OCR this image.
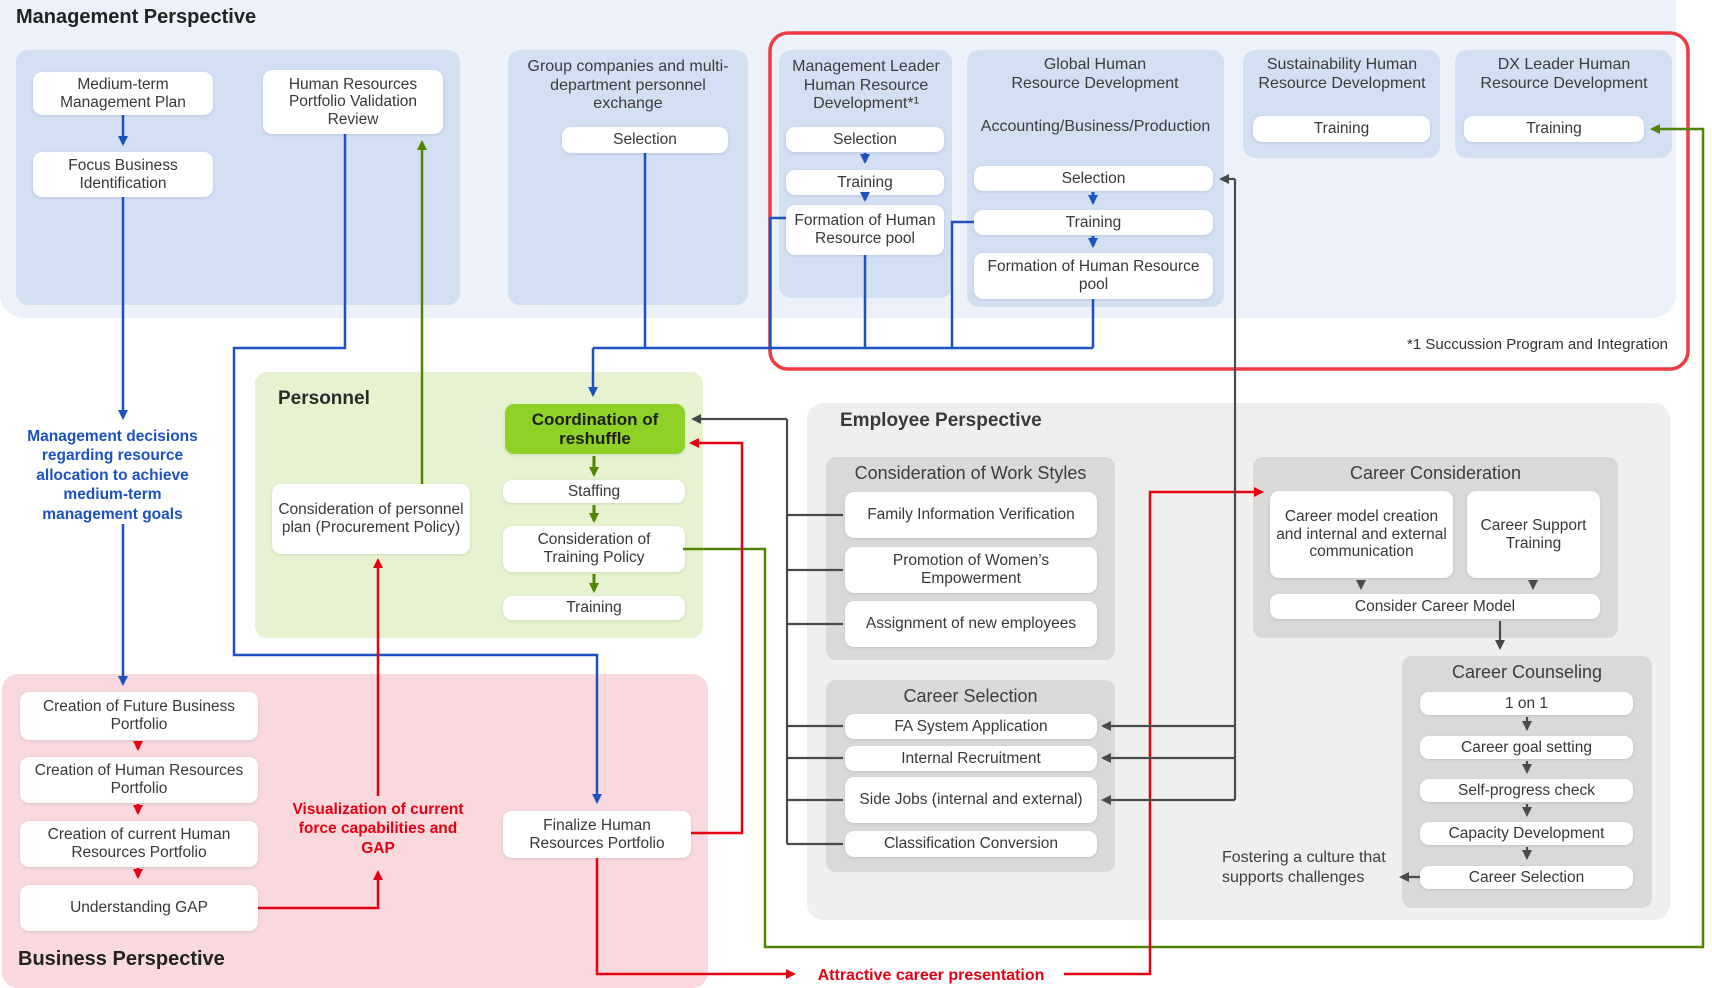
Management Perspective
Medium-term Management Plan
Focus Business Identification
Human Resources Portfolio Validation Review
Group companies and multi-department personnel exchange
Selection
Management Leader Human Resource Development*¹
Selection
Training
Formation of Human Resource pool
Global Human Resource Development
Accounting/Business/Production
Selection
Training
Formation of Human Resource pool
Sustainability Human Resource Development
Training
DX Leader Human Resource Development
Training
*1 Succussion Program and Integration
Personnel
Consideration of personnel plan (Procurement Policy)
Coordination of reshuffle
Staffing
Consideration of Training Policy
Training
Management decisions regarding resource allocation to achieve medium-term management goals
Business Perspective
Creation of Future Business Portfolio
Creation of Human Resources Portfolio
Creation of current Human Resources Portfolio
Understanding GAP
Visualization of current force capabilities and GAP
Finalize Human Resources Portfolio
Employee Perspective
Consideration of Work Styles
Family Information Verification
Promotion of Women’s Empowerment
Assignment of new employees
Career Selection
FA System Application
Internal Recruitment
Side Jobs (internal and external)
Classification Conversion
Career Consideration
Career model creation and internal and external communication
Career Support Training
Consider Career Model
Career Counseling
1 on 1
Career goal setting
Self-progress check
Capacity Development
Career Selection
Fostering a culture that supports challenges
Attractive career presentation
